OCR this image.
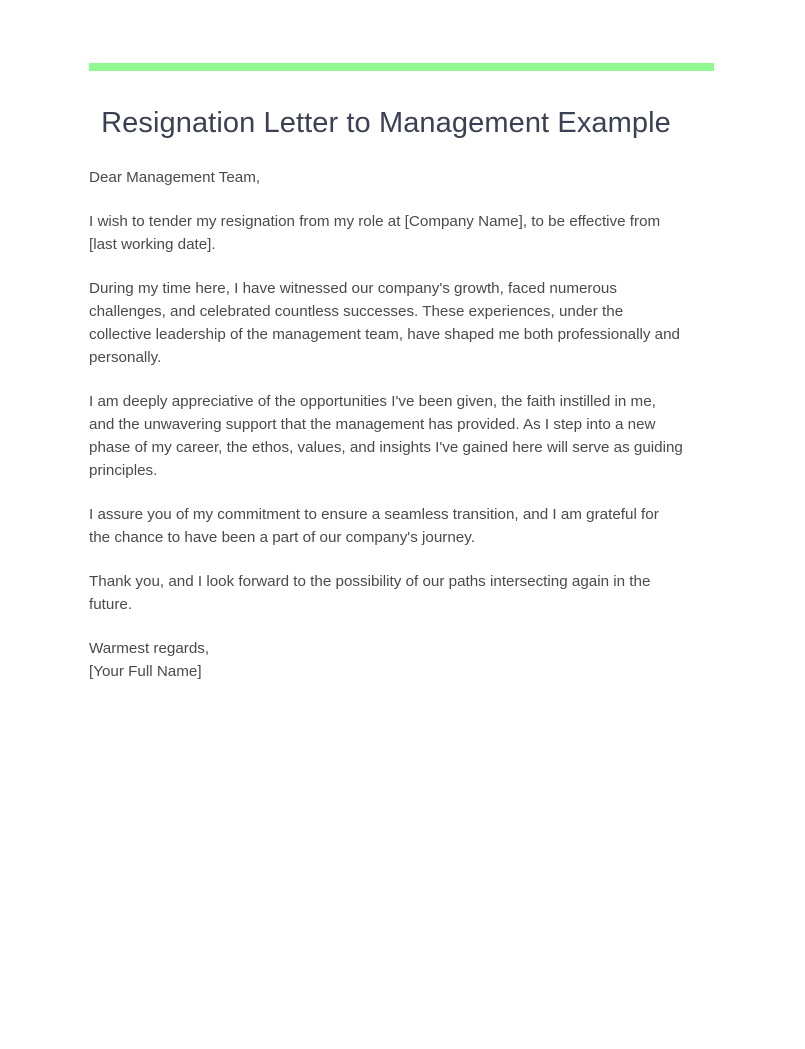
Resignation Letter to Management Example

Dear Management Team,

I wish to tender my resignation from my role at [Company Name], to be effective from [last working date].

During my time here, I have witnessed our company's growth, faced numerous challenges, and celebrated countless successes. These experiences, under the collective leadership of the management team, have shaped me both professionally and personally.

I am deeply appreciative of the opportunities I've been given, the faith instilled in me, and the unwavering support that the management has provided. As I step into a new phase of my career, the ethos, values, and insights I've gained here will serve as guiding principles.

I assure you of my commitment to ensure a seamless transition, and I am grateful for the chance to have been a part of our company's journey.

Thank you, and I look forward to the possibility of our paths intersecting again in the future.

Warmest regards,
[Your Full Name]
